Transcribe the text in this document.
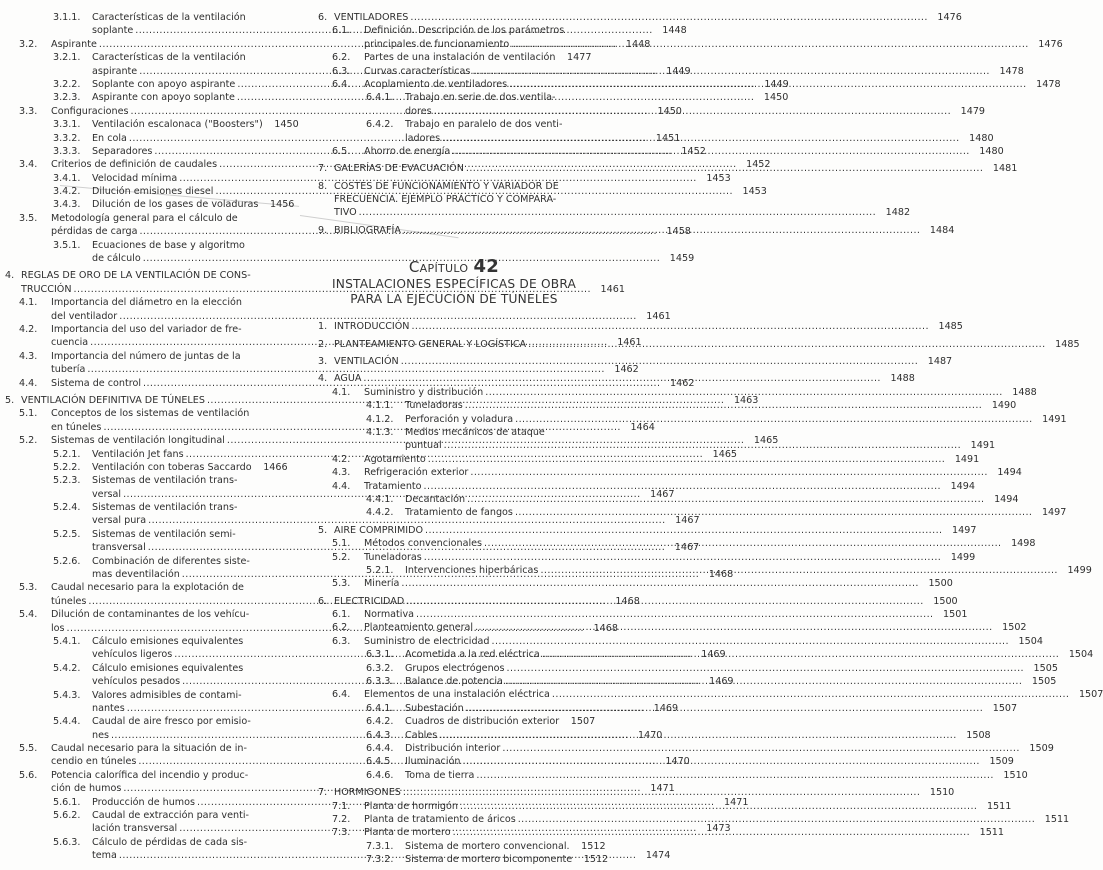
3.1.1.	Características de la ventilación
soplante .....	1448
3.2.	Aspirante .....	1448
3.2.1.	Características de la ventilación
aspirante .....	1449
3.2.2.	Soplante con apoyo aspirante .....	1449
3.2.3.	Aspirante con apoyo soplante .....	1450
3.3.	Configuraciones .....	1450
3.3.1.	Ventilación escalonaca ("Boosters")	1450
3.3.2.	En cola .....	1451
3.3.3.	Separadores .....	1452
3.4.	Criterios de definición de caudales .....	1452
3.4.1.	Velocidad mínima .....	1453
3.4.2.	Dilución emisiones diesel .....	1453
3.4.3.	Dilución de los gases de voladuras	1456
3.5.	Metodología general para el cálculo de
pérdidas de carga .....	1458
3.5.1.	Ecuaciones de base y algoritmo
de cálculo .....	1459
4. REGLAS DE ORO DE LA VENTILACIÓN DE CONS-
TRUCCIÓN .....	1461
4.1.	Importancia del diámetro en la elección
del ventilador .....	1461
4.2.	Importancia del uso del variador de fre-
cuencia .....	1461
4.3.	Importancia del número de juntas de la
tubería .....	1462
4.4.	Sistema de control .....	1462
5. VENTILACIÓN DEFINITIVA DE TÚNELES .....	1463
5.1.	Conceptos de los sistemas de ventilación
en túneles .....	1464
5.2.	Sistemas de ventilación longitudinal .....	1465
5.2.1.	Ventilación Jet fans .....	1465
5.2.2.	Ventilación con toberas Saccardo	1466
5.2.3.	Sistemas de ventilación trans-
versal .....	1467
5.2.4.	Sistemas de ventilación trans-
versal pura .....	1467
5.2.5.	Sistemas de ventilación semi-
transversal .....	1467
5.2.6.	Combinación de diferentes siste-
mas deventilación .....	1468
5.3.	Caudal necesario para la explotación de
túneles .....	1468
5.4.	Dilución de contaminantes de los vehícu-
los .....	1468
5.4.1.	Cálculo emisiones equivalentes
vehículos ligeros .....	1469
5.4.2.	Cálculo emisiones equivalentes
vehículos pesados .....	1469
5.4.3.	Valores admisibles de contami-
nantes .....	1469
5.4.4.	Caudal de aire fresco por emisio-
nes .....	1470
5.5.	Caudal necesario para la situación de in-
cendio en túneles .....	1470
5.6.	Potencia calorífica del incendio y produc-
ción de humos .....	1471
5.6.1.	Producción de humos .....	1471
5.6.2.	Caudal de extracción para venti-
lación transversal .....	1473
5.6.3.	Cálculo de pérdidas de cada sis-
tema .....	1474
6. VENTILADORES .....	1476
6.1.	Definición. Descripción de los parámetros
principales de funcionamiento .....	1476
6.2.	Partes de una instalación de ventilación	1477
6.3.	Curvas características .....	1478
6.4.	Acoplamiento de ventiladores .....	1478
6.4.1.	Trabajo en serie de dos ventila-
dores .....	1479
6.4.2.	Trabajo en paralelo de dos venti-
ladores .....	1480
6.5.	Ahorro de energía .....	1480
7. GALERÍAS DE EVACUACIÓN .....	1481
8. COSTES DE FUNCIONAMIENTO Y VARIADOR DE
FRECUENCIA. EJEMPLO PRÁCTICO Y COMPARA-
TIVO .....	1482
9. BIBLIOGRAFÍA .....	1484
Capítulo 42
INSTALACIONES ESPECÍFICAS DE OBRA
PARA LA EJECUCIÓN DE TÚNELES
1. INTRODUCCIÓN .....	1485
2. PLANTEAMIENTO GENERAL Y LOGÍSTICA .....	1485
3. VENTILACIÓN .....	1487
4. AGUA .....	1488
4.1.	Suministro y distribución .....	1488
4.1.1.	Tuneladoras .....	1490
4.1.2.	Perforación y voladura .....	1491
4.1.3.	Medios mecánicos de ataque
puntual .....	1491
4.2.	Agotamiento .....	1491
4.3.	Refrigeración exterior .....	1494
4.4.	Tratamiento .....	1494
4.4.1.	Decantación .....	1494
4.4.2.	Tratamiento de fangos .....	1497
5. AIRE COMPRIMIDO .....	1497
5.1.	Métodos convencionales .....	1498
5.2.	Tuneladoras .....	1499
5.2.1.	Intervenciones hiperbáricas .....	1499
5.3.	Minería .....	1500
6. ELECTRICIDAD .....	1500
6.1.	Normativa .....	1501
6.2.	Planteamiento general .....	1502
6.3.	Suministro de electricidad .....	1504
6.3.1.	Acometida a la red eléctrica .....	1504
6.3.2.	Grupos electrógenos .....	1505
6.3.3.	Balance de potencia .....	1505
6.4.	Elementos de una instalación eléctrica .....	1507
6.4.1.	Subestación .....	1507
6.4.2.	Cuadros de distribución exterior	1507
6.4.3.	Cables .....	1508
6.4.4.	Distribución interior .....	1509
6.4.5.	Iluminación .....	1509
6.4.6.	Toma de tierra .....	1510
7. HORMIGONES .....	1510
7.1.	Planta de hormigón .....	1511
7.2.	Planta de tratamiento de áricos .....	1511
7.3.	Planta de mortero .....	1511
7.3.1.	Sistema de mortero convencional.	1512
7.3.2.	Sistema de mortero bicomponente	1512
